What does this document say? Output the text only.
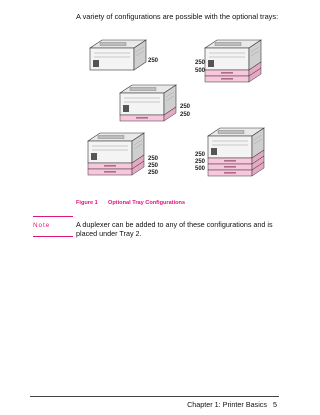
A variety of configurations are possible with the optional trays:
250	250
500
250
250
250
250
250
250
250
500
Figure 1 Optional Tray Configurations
Note	A duplexer can be added to any of these configurations and is placed under Tray 2.
Chapter 1: Printer Basics 5
